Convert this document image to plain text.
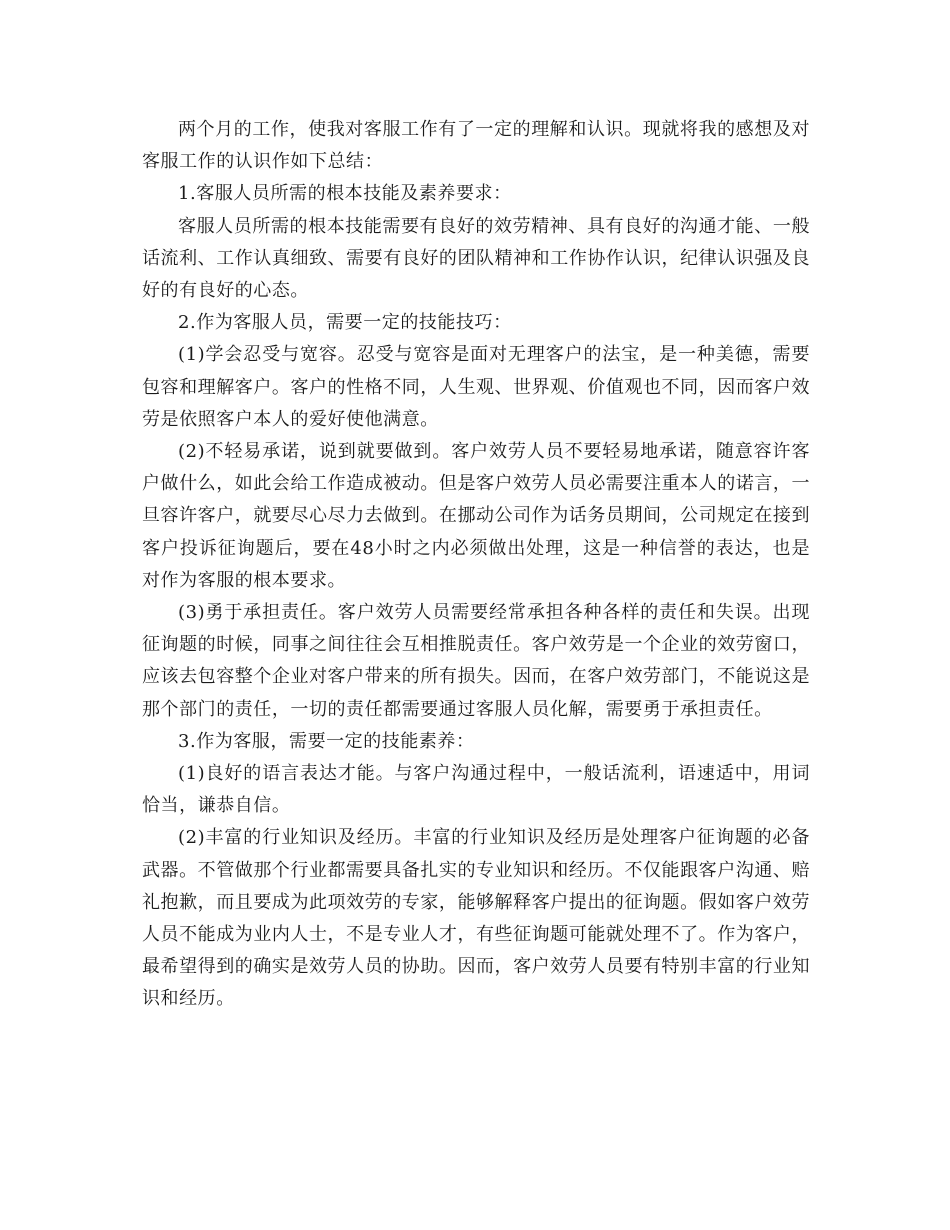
两个月的工作，使我对客服工作有了一定的理解和认识。现就将我的感想及对客服工作的认识作如下总结：

1.客服人员所需的根本技能及素养要求：

客服人员所需的根本技能需要有良好的效劳精神、具有良好的沟通才能、一般话流利、工作认真细致、需要有良好的团队精神和工作协作认识，纪律认识强及良好的有良好的心态。

2.作为客服人员，需要一定的技能技巧：

(1)学会忍受与宽容。忍受与宽容是面对无理客户的法宝，是一种美德，需要包容和理解客户。客户的性格不同，人生观、世界观、价值观也不同，因而客户效劳是依照客户本人的爱好使他满意。

(2)不轻易承诺，说到就要做到。客户效劳人员不要轻易地承诺，随意容许客户做什么，如此会给工作造成被动。但是客户效劳人员必需要注重本人的诺言，一旦容许客户，就要尽心尽力去做到。在挪动公司作为话务员期间，公司规定在接到客户投诉征询题后，要在48小时之内必须做出处理，这是一种信誉的表达，也是对作为客服的根本要求。

(3)勇于承担责任。客户效劳人员需要经常承担各种各样的责任和失误。出现征询题的时候，同事之间往往会互相推脱责任。客户效劳是一个企业的效劳窗口，应该去包容整个企业对客户带来的所有损失。因而，在客户效劳部门，不能说这是那个部门的责任，一切的责任都需要通过客服人员化解，需要勇于承担责任。

3.作为客服，需要一定的技能素养：

(1)良好的语言表达才能。与客户沟通过程中，一般话流利，语速适中，用词恰当，谦恭自信。

(2)丰富的行业知识及经历。丰富的行业知识及经历是处理客户征询题的必备武器。不管做那个行业都需要具备扎实的专业知识和经历。不仅能跟客户沟通、赔礼抱歉，而且要成为此项效劳的专家，能够解释客户提出的征询题。假如客户效劳人员不能成为业内人士，不是专业人才，有些征询题可能就处理不了。作为客户，最希望得到的确实是效劳人员的协助。因而，客户效劳人员要有特别丰富的行业知识和经历。
